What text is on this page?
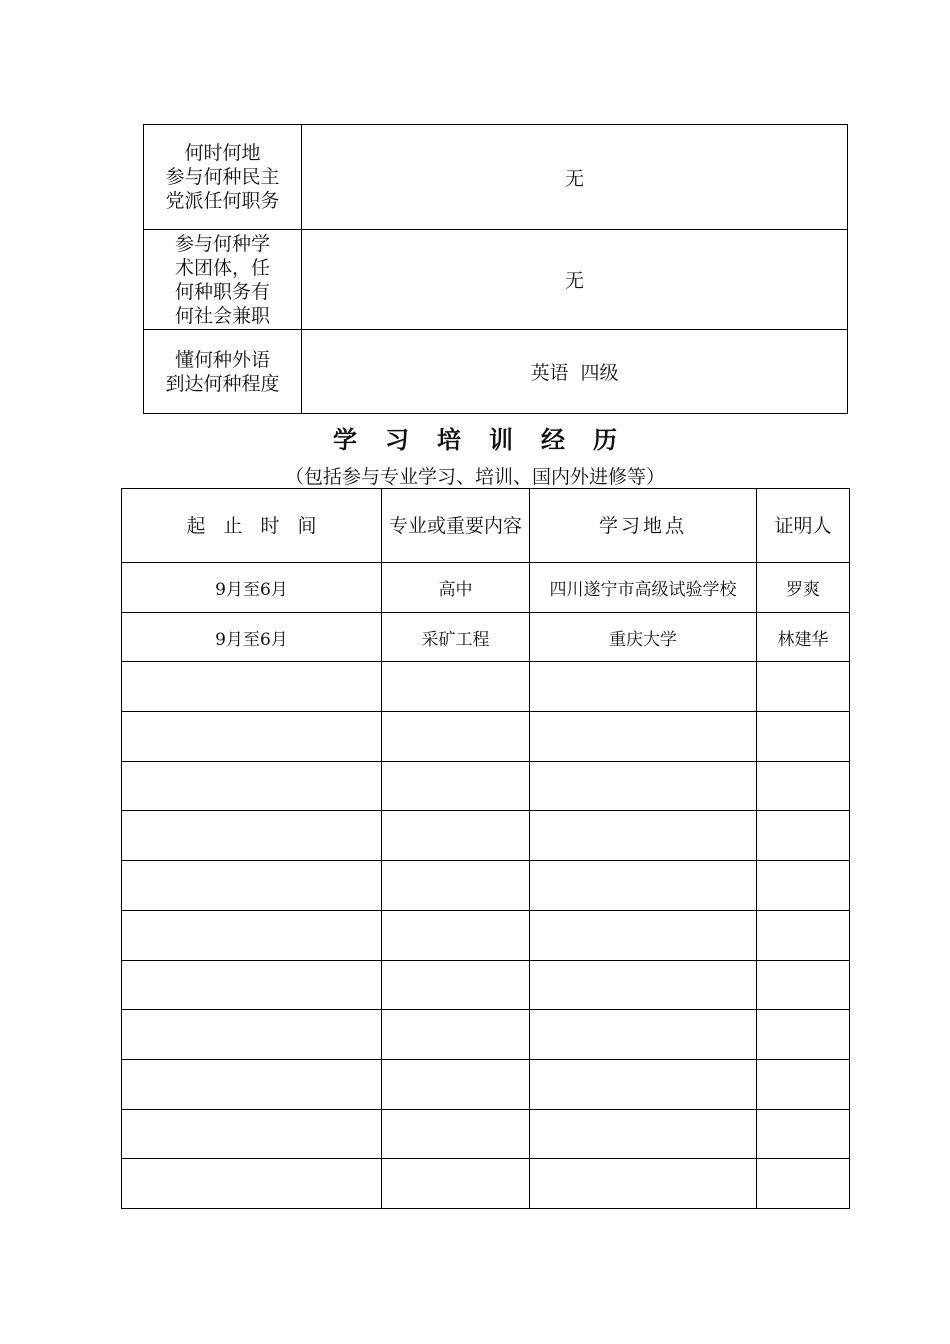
何时何地
参与何种民主
党派任何职务	无
参与何种学
术团体，任
何种职务有
何社会兼职	无
懂何种外语
到达何种程度	英语  四级
学习培训经历
（包括参与专业学习、培训、国内外进修等）
起止时间	专业或重要内容	学习地点	证明人
9月至6月	高中	四川遂宁市高级试验学校	罗爽
9月至6月	采矿工程	重庆大学	林建华
